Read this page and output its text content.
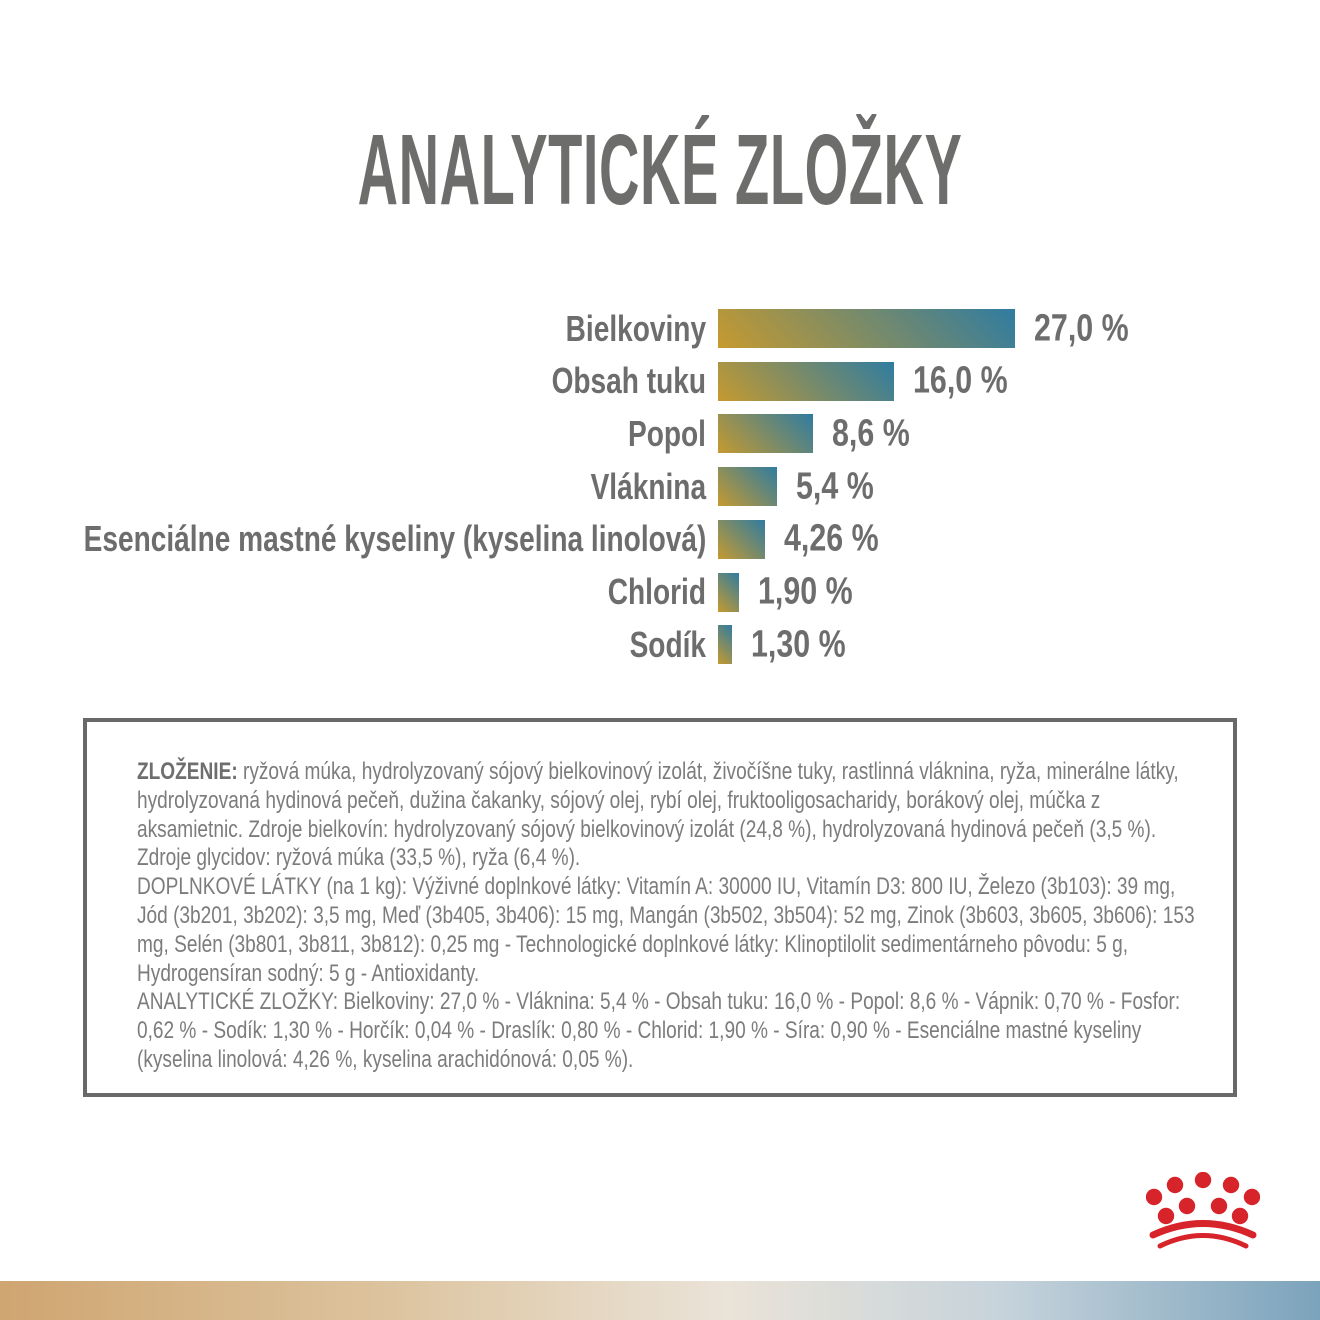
ANALYTICKÉ ZLOŽKY
Bielkoviny	27,0 %
Obsah tuku	16,0 %
Popol	8,6 %
Vláknina 5,4 %
Esenciálne mastné kyseliny (kyselina linolová) 4,26 %
Chlorid 1,90 %
Sodík 1,30 %

ZLOŽENIE: ryžová múka, hydrolyzovaný sójový bielkovinový izolát, živočíšne tuky, rastlinná vláknina, ryža, minerálne látky, hydrolyzovaná hydinová pečeň, dužina čakanky, sójový olej, rybí olej, fruktooligosacharidy, borákový olej, múčka z aksamietnic. Zdroje bielkovín: hydrolyzovaný sójový bielkovinový izolát (24,8 %), hydrolyzovaná hydinová pečeň (3,5 %). Zdroje glycidov: ryžová múka (33,5 %), ryža (6,4 %).

DOPLNKOVÉ LÁTKY (na 1 kg): Výživné doplnkové látky: Vitamín A: 30000 IU, Vitamín D3: 800 IU, Železo (3b103): 39 mg, Jód (3b201, 3b202): 3,5 mg, Meď (3b405, 3b406): 15 mg, Mangán (3b502, 3b504): 52 mg, Zinok (3b603, 3b605, 3b606): 153 mg, Selén (3b801, 3b811, 3b812): 0,25 mg - Technologické doplnkové látky: Klinoptilolit sedimentárneho pôvodu: 5 g, Hydrogensíran sodný: 5 g - Antioxidanty.

ANALYTICKÉ ZLOŽKY: Bielkoviny: 27,0 % - Vláknina: 5,4 % - Obsah tuku: 16,0 % - Popol: 8,6 % - Vápnik: 0,70 % - Fosfor: 0,62 % - Sodík: 1,30 % - Horčík: 0,04 % - Draslík: 0,80 % - Chlorid: 1,90 % - Síra: 0,90 % - Esenciálne mastné kyseliny (kyselina linolová: 4,26 %, kyselina arachidónová: 0,05 %).
